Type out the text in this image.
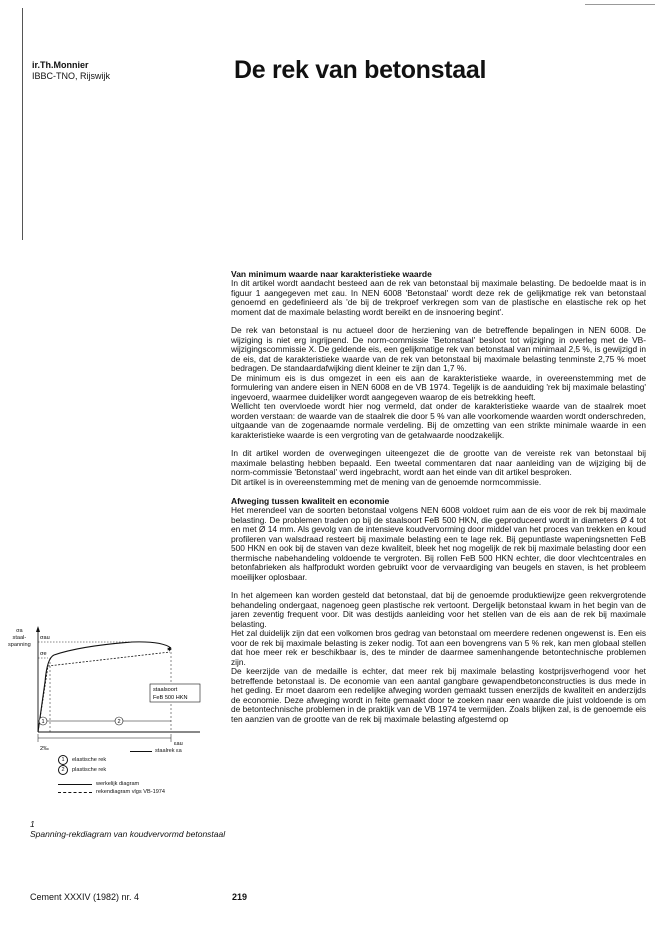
ir.Th.Monnier
IBBC-TNO, Rijswijk	De rek van betonstaal
Van minimum waarde naar karakteristieke waarde

In dit artikel wordt aandacht besteed aan de rek van betonstaal bij maximale belasting. De bedoelde maat is in figuur 1 aangegeven met εau. In NEN 6008 'Betonstaal' wordt deze rek de gelijkmatige rek van betonstaal genoemd en gedefinieerd als 'de bij de trekproef verkregen som van de plastische en elastische rek op het moment dat de maximale belasting wordt bereikt en de insnoering begint'.

De rek van betonstaal is nu actueel door de herziening van de betreffende bepalingen in NEN 6008. De wijziging is niet erg ingrijpend. De norm-commissie 'Betonstaal' besloot tot wijziging in overleg met de VB-wijzigingscommissie X. De geldende eis, een gelijkmatige rek van betonstaal van minimaal 2,5 %, is gewijzigd in de eis, dat de karakteristieke waarde van de rek van betonstaal bij maximale belasting tenminste 2,75 % moet bedragen. De standaardafwijking dient kleiner te zijn dan 1,7 %.

De minimum eis is dus omgezet in een eis aan de karakteristieke waarde, in overeenstemming met de formulering van andere eisen in NEN 6008 en de VB 1974. Tegelijk is de aanduiding 'rek bij maximale belasting' ingevoerd, waarmee duidelijker wordt aangegeven waarop de eis betrekking heeft.

Wellicht ten overvloede wordt hier nog vermeld, dat onder de karakteristieke waarde van de staalrek moet worden verstaan: de waarde van de staalrek die door 5 % van alle voorkomende waarden wordt onderschreden, uitgaande van de zogenaamde normale verdeling. Bij de omzetting van een strikte minimale waarde in een karakteristieke waarde is een vergroting van de getalwaarde noodzakelijk.

In dit artikel worden de overwegingen uiteengezet die de grootte van de vereiste rek van betonstaal bij maximale belasting hebben bepaald. Een tweetal commentaren dat naar aanleiding van de wijziging bij de norm-commissie 'Betonstaal' werd ingebracht, wordt aan het einde van dit artikel besproken.

Dit artikel is in overeenstemming met de mening van de genoemde normcommissie.

Afweging tussen kwaliteit en economie

Het merendeel van de soorten betonstaal volgens NEN 6008 voldoet ruim aan de eis voor de rek bij maximale belasting. De problemen traden op bij de staalsoort FeB 500 HKN, die geproduceerd wordt in diameters Ø 4 tot en met Ø 14 mm. Als gevolg van de intensieve koudvervorming door middel van het proces van trekken en koud profileren van walsdraad resteert bij maximale belasting een te lage rek. Bij gepuntlaste wapeningsnetten FeB 500 HKN en ook bij de staven van deze kwaliteit, bleek het nog mogelijk de rek bij maximale belasting door een thermische nabehandeling voldoende te vergroten. Bij rollen FeB 500 HKN echter, die door vlechtcentrales en betonfabrieken als halfprodukt worden gebruikt voor de vervaardiging van beugels en staven, is het probleem moeilijker oplosbaar.

In het algemeen kan worden gesteld dat betonstaal, dat bij de genoemde produktiewijze geen rekvergrotende behandeling ondergaat, nagenoeg geen plastische rek vertoont. Dergelijk betonstaal kwam in het begin van de jaren zeventig frequent voor. Dit was destijds aanleiding voor het stellen van de eis aan de rek bij maximale belasting.

Het zal duidelijk zijn dat een volkomen bros gedrag van betonstaal om meerdere redenen ongewenst is. Een eis voor de rek bij maximale belasting is zeker nodig. Tot aan een bovengrens van 5 % rek, kan men globaal stellen dat hoe meer rek er beschikbaar is, des te minder de daarmee samenhangende betontechnische problemen zijn.

De keerzijde van de medaille is echter, dat meer rek bij maximale belasting kostprijsverhogend voor het betreffende betonstaal is. De economie van een aantal gangbare gewapendbetonconstructies is dus mede in het geding. Er moet daarom een redelijke afweging worden gemaakt tussen enerzijds de kwaliteit en anderzijds de economie. Deze afweging wordt in feite gemaakt door te zoeken naar een waarde die juist voldoende is om de betontechnische problemen in de praktijk van de VB 1974 te vermijden. Zoals blijken zal, is de genoemde eis ten aanzien van de grootte van de rek bij maximale belasting afgestemd op

✱
1	2
staalsoort
FeB 500 HKN
σau
σe
εau
2‰
σa
staal-
spanning
staalrek εa
1	elastische rek
2	plastische rek
werkelijk diagram
rekendiagram vlgs VB-1974
1
Spanning-rekdiagram van koudvervormd betonstaal
Cement XXXIV (1982) nr. 4	219
